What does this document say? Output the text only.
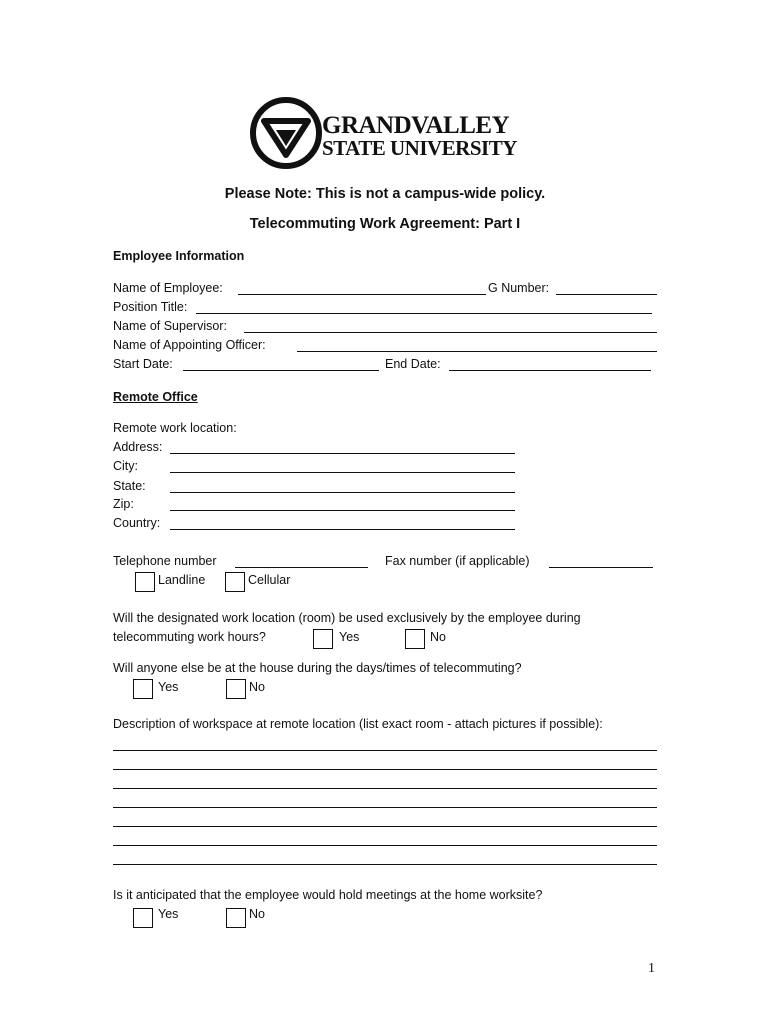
GRANDVALLEY
STATE UNIVERSITY
Please Note: This is not a campus-wide policy.
Telecommuting Work Agreement: Part I
Employee Information
Name of Employee:	G Number:
Position Title:
Name of Supervisor:
Name of Appointing Officer:
Start Date:	End Date:
Remote Office
Remote work location:
Address:
City:
State:
Zip:
Country:
Telephone number	Fax number (if applicable)
Landline	Cellular
Will the designated work location (room) be used exclusively by the employee during
telecommuting work hours?	Yes	No
Will anyone else be at the house during the days/times of telecommuting?
Yes	No
Description of workspace at remote location (list exact room - attach pictures if possible):
Is it anticipated that the employee would hold meetings at the home worksite?
Yes	No
1
